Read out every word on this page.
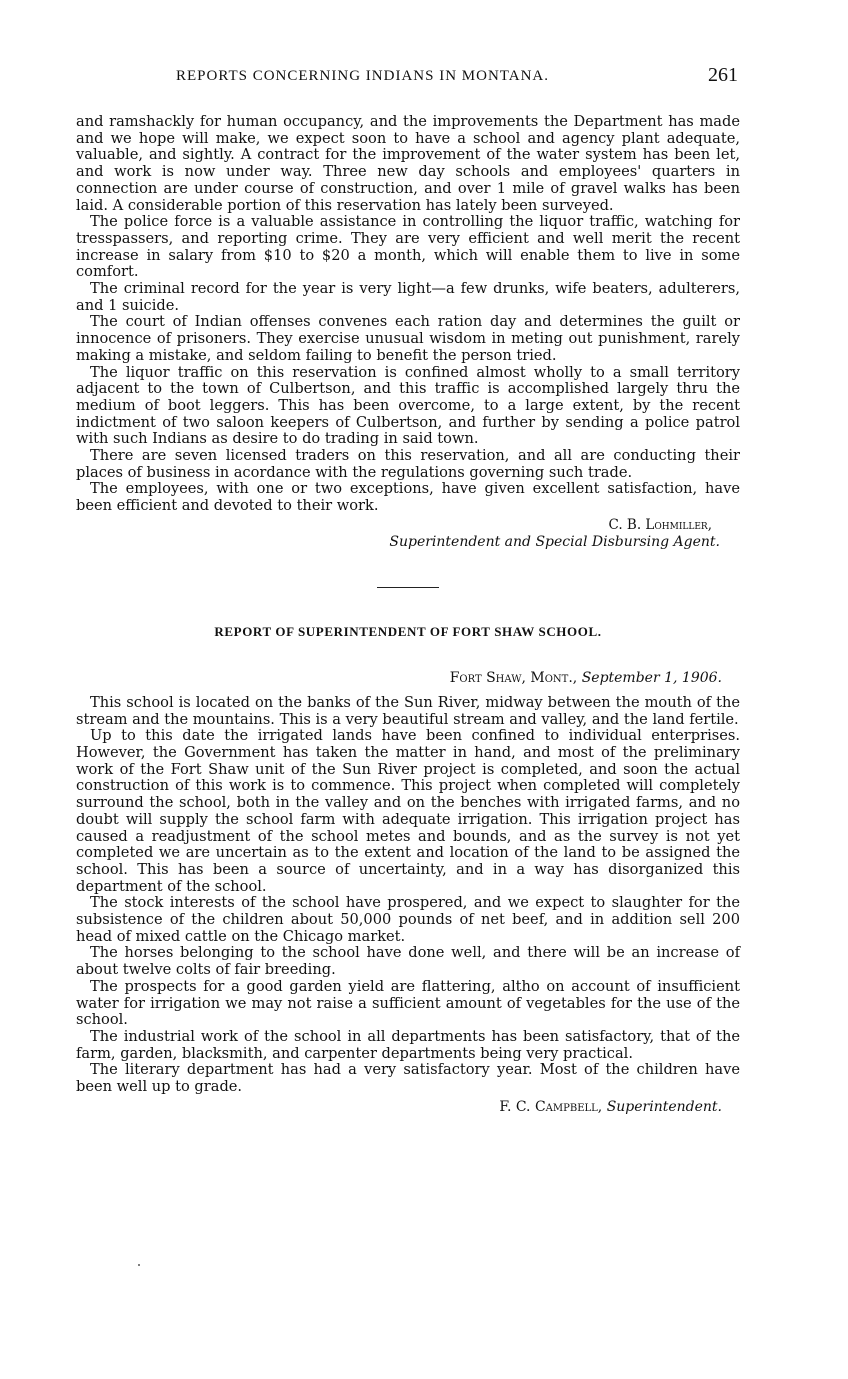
REPORTS CONCERNING INDIANS IN MONTANA.	261

and ramshackly for human occupancy, and the improvements the Department has made and we hope will make, we expect soon to have a school and agency plant adequate, valuable, and sightly. A contract for the improvement of the water system has been let, and work is now under way. Three new day schools and employees' quarters in connection are under course of construction, and over 1 mile of gravel walks has been laid. A considerable portion of this reservation has lately been surveyed.

The police force is a valuable assistance in controlling the liquor traffic, watching for tresspassers, and reporting crime. They are very efficient and well merit the recent increase in salary from $10 to $20 a month, which will enable them to live in some comfort.

The criminal record for the year is very light—a few drunks, wife beaters, adulterers, and 1 suicide.

The court of Indian offenses convenes each ration day and determines the guilt or innocence of prisoners. They exercise unusual wisdom in meting out punishment, rarely making a mistake, and seldom failing to benefit the person tried.

The liquor traffic on this reservation is confined almost wholly to a small territory adjacent to the town of Culbertson, and this traffic is accomplished largely thru the medium of boot leggers. This has been overcome, to a large extent, by the recent indictment of two saloon keepers of Culbertson, and further by sending a police patrol with such Indians as desire to do trading in said town.

There are seven licensed traders on this reservation, and all are conducting their places of business in acordance with the regulations governing such trade.

The employees, with one or two exceptions, have given excellent satisfaction, have been efficient and devoted to their work.

C. B. Lohmiller,
Superintendent and Special Disbursing Agent.
REPORT OF SUPERINTENDENT OF FORT SHAW SCHOOL.
Fort Shaw, Mont., September 1, 1906.

This school is located on the banks of the Sun River, midway between the mouth of the stream and the mountains. This is a very beautiful stream and valley, and the land fertile.

Up to this date the irrigated lands have been confined to individual enterprises. However, the Government has taken the matter in hand, and most of the preliminary work of the Fort Shaw unit of the Sun River project is completed, and soon the actual construction of this work is to commence. This project when completed will completely surround the school, both in the valley and on the benches with irrigated farms, and no doubt will supply the school farm with adequate irrigation. This irrigation project has caused a readjustment of the school metes and bounds, and as the survey is not yet completed we are uncertain as to the extent and location of the land to be assigned the school. This has been a source of uncertainty, and in a way has disorganized this department of the school.

The stock interests of the school have prospered, and we expect to slaughter for the subsistence of the children about 50,000 pounds of net beef, and in addition sell 200 head of mixed cattle on the Chicago market.

The horses belonging to the school have done well, and there will be an increase of about twelve colts of fair breeding.

The prospects for a good garden yield are flattering, altho on account of insufficient water for irrigation we may not raise a sufficient amount of vegetables for the use of the school.

The industrial work of the school in all departments has been satisfactory, that of the farm, garden, blacksmith, and carpenter departments being very practical.

The literary department has had a very satisfactory year. Most of the children have been well up to grade.

F. C. Campbell, Superintendent.
